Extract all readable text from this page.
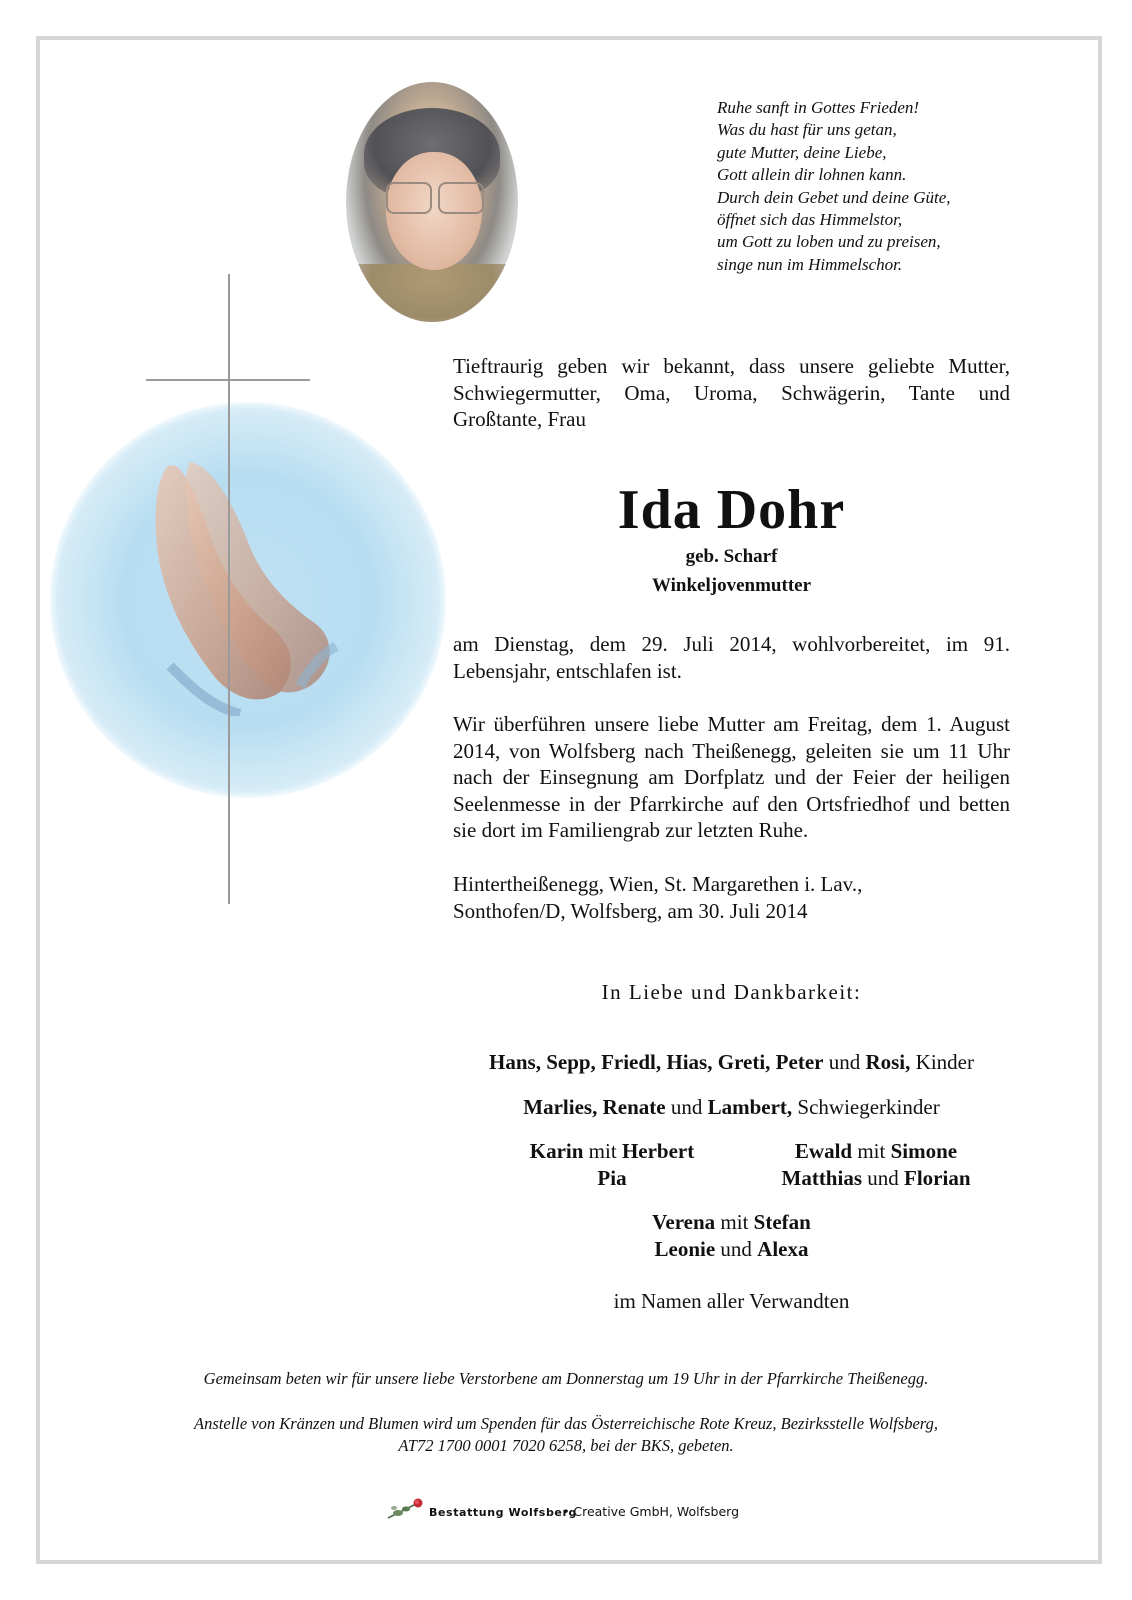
Ruhe sanft in Gottes Frieden!
Was du hast für uns getan,
gute Mutter, deine Liebe,
Gott allein dir lohnen kann.
Durch dein Gebet und deine Güte,
öffnet sich das Himmelstor,
um Gott zu loben und zu preisen,
singe nun im Himmelschor.
Tieftraurig geben wir bekannt, dass unsere geliebte Mutter, Schwiegermutter, Oma, Uroma, Schwägerin, Tante und Großtante, Frau
Ida Dohr
geb. Scharf
Winkeljovenmutter
am Dienstag, dem 29. Juli 2014, wohlvorbereitet, im 91. Lebensjahr, entschlafen ist.
Wir überführen unsere liebe Mutter am Freitag, dem 1. August 2014, von Wolfsberg nach Theißenegg, geleiten sie um 11 Uhr nach der Einsegnung am Dorfplatz und der Feier der heiligen Seelenmesse in der Pfarrkirche auf den Ortsfriedhof und betten sie dort im Familiengrab zur letzten Ruhe.
Hintertheißenegg, Wien, St. Margarethen i. Lav.,
Sonthofen/D, Wolfsberg, am 30. Juli 2014
In Liebe und Dankbarkeit:
Hans, Sepp, Friedl, Hias, Greti, Peter und Rosi, Kinder
Marlies, Renate und Lambert, Schwiegerkinder
Karin mit Herbert
Pia
Ewald mit Simone
Matthias und Florian
Verena mit Stefan
Leonie und Alexa
im Namen aller Verwandten
Gemeinsam beten wir für unsere liebe Verstorbene am Donnerstag um 19 Uhr in der Pfarrkirche Theißenegg.
Anstelle von Kränzen und Blumen wird um Spenden für das Österreichische Rote Kreuz, Bezirksstelle Wolfsberg,
AT72 1700 0001 7020 6258, bei der BKS, gebeten.
Bestattung Wolfsberg
• Creative GmbH, Wolfsberg
